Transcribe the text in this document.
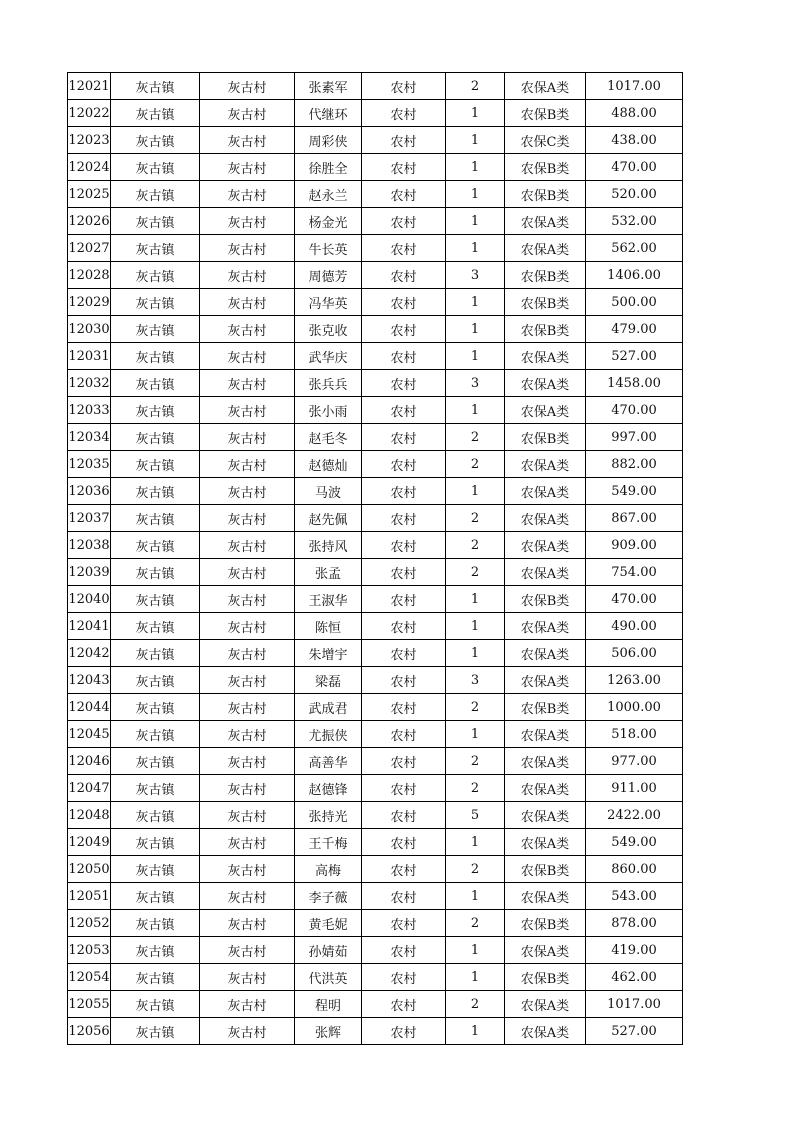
12021	灰古镇	灰古村	张素军	农村	2	农保A类	1017.00
12022	灰古镇	灰古村	代继环	农村	1	农保B类	488.00
12023	灰古镇	灰古村	周彩侠	农村	1	农保C类	438.00
12024	灰古镇	灰古村	徐胜全	农村	1	农保B类	470.00
12025	灰古镇	灰古村	赵永兰	农村	1	农保B类	520.00
12026	灰古镇	灰古村	杨金光	农村	1	农保A类	532.00
12027	灰古镇	灰古村	牛长英	农村	1	农保A类	562.00
12028	灰古镇	灰古村	周德芳	农村	3	农保B类	1406.00
12029	灰古镇	灰古村	冯华英	农村	1	农保B类	500.00
12030	灰古镇	灰古村	张克收	农村	1	农保B类	479.00
12031	灰古镇	灰古村	武华庆	农村	1	农保A类	527.00
12032	灰古镇	灰古村	张兵兵	农村	3	农保A类	1458.00
12033	灰古镇	灰古村	张小雨	农村	1	农保A类	470.00
12034	灰古镇	灰古村	赵毛冬	农村	2	农保B类	997.00
12035	灰古镇	灰古村	赵德灿	农村	2	农保A类	882.00
12036	灰古镇	灰古村	马波	农村	1	农保A类	549.00
12037	灰古镇	灰古村	赵先佩	农村	2	农保A类	867.00
12038	灰古镇	灰古村	张持风	农村	2	农保A类	909.00
12039	灰古镇	灰古村	张孟	农村	2	农保A类	754.00
12040	灰古镇	灰古村	王淑华	农村	1	农保B类	470.00
12041	灰古镇	灰古村	陈恒	农村	1	农保A类	490.00
12042	灰古镇	灰古村	朱增宇	农村	1	农保A类	506.00
12043	灰古镇	灰古村	梁磊	农村	3	农保A类	1263.00
12044	灰古镇	灰古村	武成君	农村	2	农保B类	1000.00
12045	灰古镇	灰古村	尤振侠	农村	1	农保A类	518.00
12046	灰古镇	灰古村	高善华	农村	2	农保A类	977.00
12047	灰古镇	灰古村	赵德锋	农村	2	农保A类	911.00
12048	灰古镇	灰古村	张持光	农村	5	农保A类	2422.00
12049	灰古镇	灰古村	王千梅	农村	1	农保A类	549.00
12050	灰古镇	灰古村	高梅	农村	2	农保B类	860.00
12051	灰古镇	灰古村	李子薇	农村	1	农保A类	543.00
12052	灰古镇	灰古村	黄毛妮	农村	2	农保B类	878.00
12053	灰古镇	灰古村	孙婧茹	农村	1	农保A类	419.00
12054	灰古镇	灰古村	代洪英	农村	1	农保B类	462.00
12055	灰古镇	灰古村	程明	农村	2	农保A类	1017.00
12056	灰古镇	灰古村	张辉	农村	1	农保A类	527.00
